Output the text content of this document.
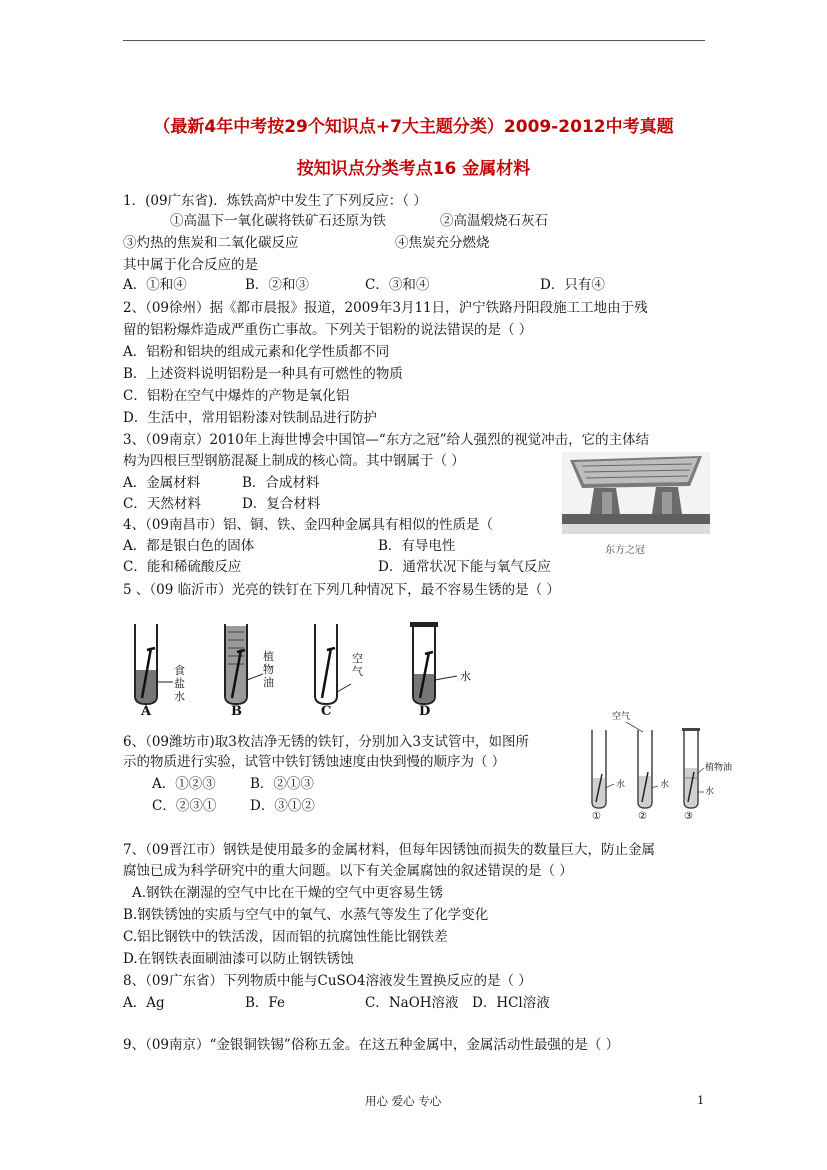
（最新4年中考按29个知识点+7大主题分类）2009-2012中考真题
按知识点分类考点16 金属材料
1．(09广东省)．炼铁高炉中发生了下列反应：（ ）
①高温下一氧化碳将铁矿石还原为铁	②高温煅烧石灰石
③灼热的焦炭和二氧化碳反应	④焦炭充分燃烧
其中属于化合反应的是
A．①和④	B．②和③	C．③和④	D．只有④
2、（09徐州）据《都市晨报》报道，2009年3月11日，沪宁铁路丹阳段施工工地由于残
留的铝粉爆炸造成严重伤亡事故。下列关于铝粉的说法错误的是（ ）
A．铝粉和铝块的组成元素和化学性质都不同
B．上述资料说明铝粉是一种具有可燃性的物质
C．铝粉在空气中爆炸的产物是氧化铝
D．生活中，常用铝粉漆对铁制品进行防护
3、（09南京）2010年上海世博会中国馆—“东方之冠”给人强烈的视觉冲击，它的主体结
构为四根巨型钢筋混凝上制成的核心筒。其中钢属于（ ）
A．金属材料	B．合成材料
C．天然材料	D．复合材料
东方之冠
4、（09南昌市）铝、铜、铁、金四种金属具有相似的性质是（
A．都是银白色的固体	B．有导电性
C．能和稀硫酸反应	D．通常状况下能与氧气反应
5 、（09 临沂市）光亮的铁钉在下列几种情况下，最不容易生锈的是（ ）
食盐水
植物油
空气	水
A	B	C	D
6、（09潍坊市)取3枚洁净无锈的铁钉，分别加入3支试管中，如图所
示的物质进行实验，试管中铁钉锈蚀速度由快到慢的顺序为（ ）
A．①②③	B．②①③
C．②③① D．③①②
空气
水	水
植物油
水
①	②	③
7、（09晋江市）钢铁是使用最多的金属材料，但每年因锈蚀而损失的数量巨大，防止金属
腐蚀已成为科学研究中的重大问题。以下有关金属腐蚀的叙述错误的是（ ）
A.钢铁在潮湿的空气中比在干燥的空气中更容易生锈
B.钢铁锈蚀的实质与空气中的氧气、水蒸气等发生了化学变化
C.铝比钢铁中的铁活泼，因而铝的抗腐蚀性能比钢铁差
D.在钢铁表面刷油漆可以防止钢铁锈蚀
8、（09广东省）下列物质中能与CuSO4溶液发生置换反应的是（ ）
A．Ag	B．Fe	C．NaOH溶液 D．HCl溶液
9、（09南京）“金银铜铁锡”俗称五金。在这五种金属中，金属活动性最强的是（ ）
用心 爱心 专心	1
